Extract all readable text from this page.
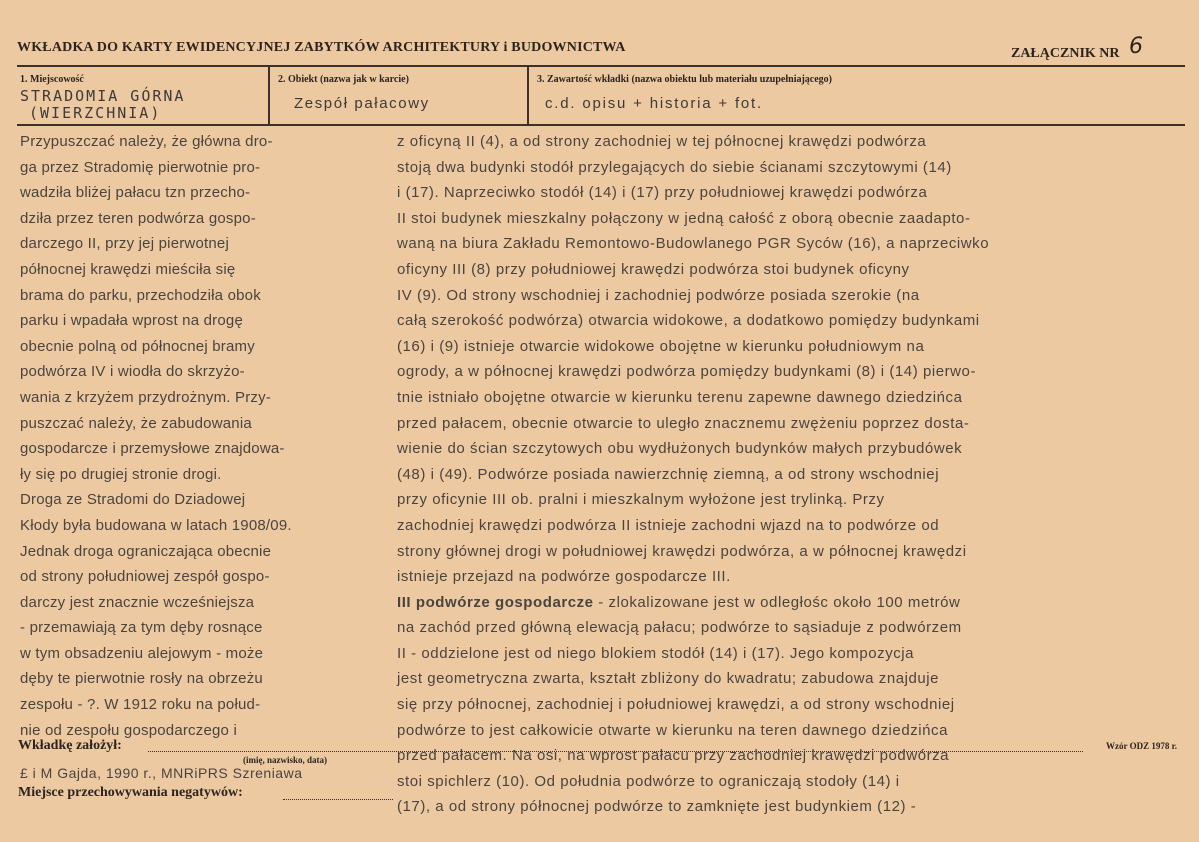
WKŁADKA DO KARTY EWIDENCYJNEJ ZABYTKÓW ARCHITEKTURY i BUDOWNICTWA	ZAŁĄCZNIK NR 6
1. Miejscowość
STRADOMIA GÓRNA
(WIERZCHNIA)
2. Obiekt (nazwa jak w karcie)
Zespół pałacowy
3. Zawartość wkładki (nazwa obiektu lub materiału uzupełniającego)
c.d. opisu + historia + fot.
Przypuszczać należy, że główna dro-
ga przez Stradomię pierwotnie pro-
wadziła bliżej pałacu tzn przecho-
dziła przez teren podwórza gospo-
darczego II, przy jej pierwotnej
północnej krawędzi mieściła się
brama do parku, przechodziła obok
parku i wpadała wprost na drogę
obecnie polną od północnej bramy
podwórza IV i wiodła do skrzyżo-
wania z krzyżem przydrożnym. Przy-
puszczać należy, że zabudowania
gospodarcze i przemysłowe znajdowa-
ły się po drugiej stronie drogi.
Droga ze Stradomi do Dziadowej
Kłody była budowana w latach 1908/09.
Jednak droga ograniczająca obecnie
od strony południowej zespół gospo-
darczy jest znacznie wcześniejsza
- przemawiają za tym dęby rosnące
w tym obsadzeniu alejowym - może
dęby te pierwotnie rosły na obrzeżu
zespołu - ?. W 1912 roku na połud-
nie od zespołu gospodarczego i
z oficyną II (4), a od strony zachodniej w tej północnej krawędzi podwórza
stoją dwa budynki stodół przylegających do siebie ścianami szczytowymi (14)
i (17). Naprzeciwko stodół (14) i (17) przy południowej krawędzi podwórza
II stoi budynek mieszkalny połączony w jedną całość z oborą obecnie zaadapto-
waną na biura Zakładu Remontowo-Budowlanego PGR Syców (16), a naprzeciwko
oficyny III (8) przy południowej krawędzi podwórza stoi budynek oficyny
IV (9). Od strony wschodniej i zachodniej podwórze posiada szerokie (na
całą szerokość podwórza) otwarcia widokowe, a dodatkowo pomiędzy budynkami
(16) i (9) istnieje otwarcie widokowe obojętne w kierunku południowym na
ogrody, a w północnej krawędzi podwórza pomiędzy budynkami (8) i (14) pierwo-
tnie istniało obojętne otwarcie w kierunku terenu zapewne dawnego dziedzińca
przed pałacem, obecnie otwarcie to uległo znacznemu zwężeniu poprzez dosta-
wienie do ścian szczytowych obu wydłużonych budynków małych przybudówek
(48) i (49). Podwórze posiada nawierzchnię ziemną, a od strony wschodniej
przy oficynie III ob. pralni i mieszkalnym wyłożone jest trylinką. Przy
zachodniej krawędzi podwórza II istnieje zachodni wjazd na to podwórze od
strony głównej drogi w południowej krawędzi podwórza, a w północnej krawędzi
istnieje przejazd na podwórze gospodarcze III.
III podwórze gospodarcze - zlokalizowane jest w odległośc około 100 metrów
na zachód przed główną elewacją pałacu; podwórze to sąsiaduje z podwórzem
II - oddzielone jest od niego blokiem stodół (14) i (17). Jego kompozycja
jest geometryczna zwarta, kształt zbliżony do kwadratu; zabudowa znajduje
się przy północnej, zachodniej i południowej krawędzi, a od strony wschodniej
podwórze to jest całkowicie otwarte w kierunku na teren dawnego dziedzińca
przed pałacem. Na osi, na wprost pałacu przy zachodniej krawędzi podwórza
stoi spichlerz (10). Od południa podwórze to ograniczają stodoły (14) i
(17), a od strony północnej podwórze to zamknięte jest budynkiem (12) -
Wkładkę założył:
(imię, nazwisko, data)
£ i M Gajda, 1990 r., MNRiPRS Szreniawa
Miejsce przechowywania negatywów:
Wzór ODZ 1978 r.
